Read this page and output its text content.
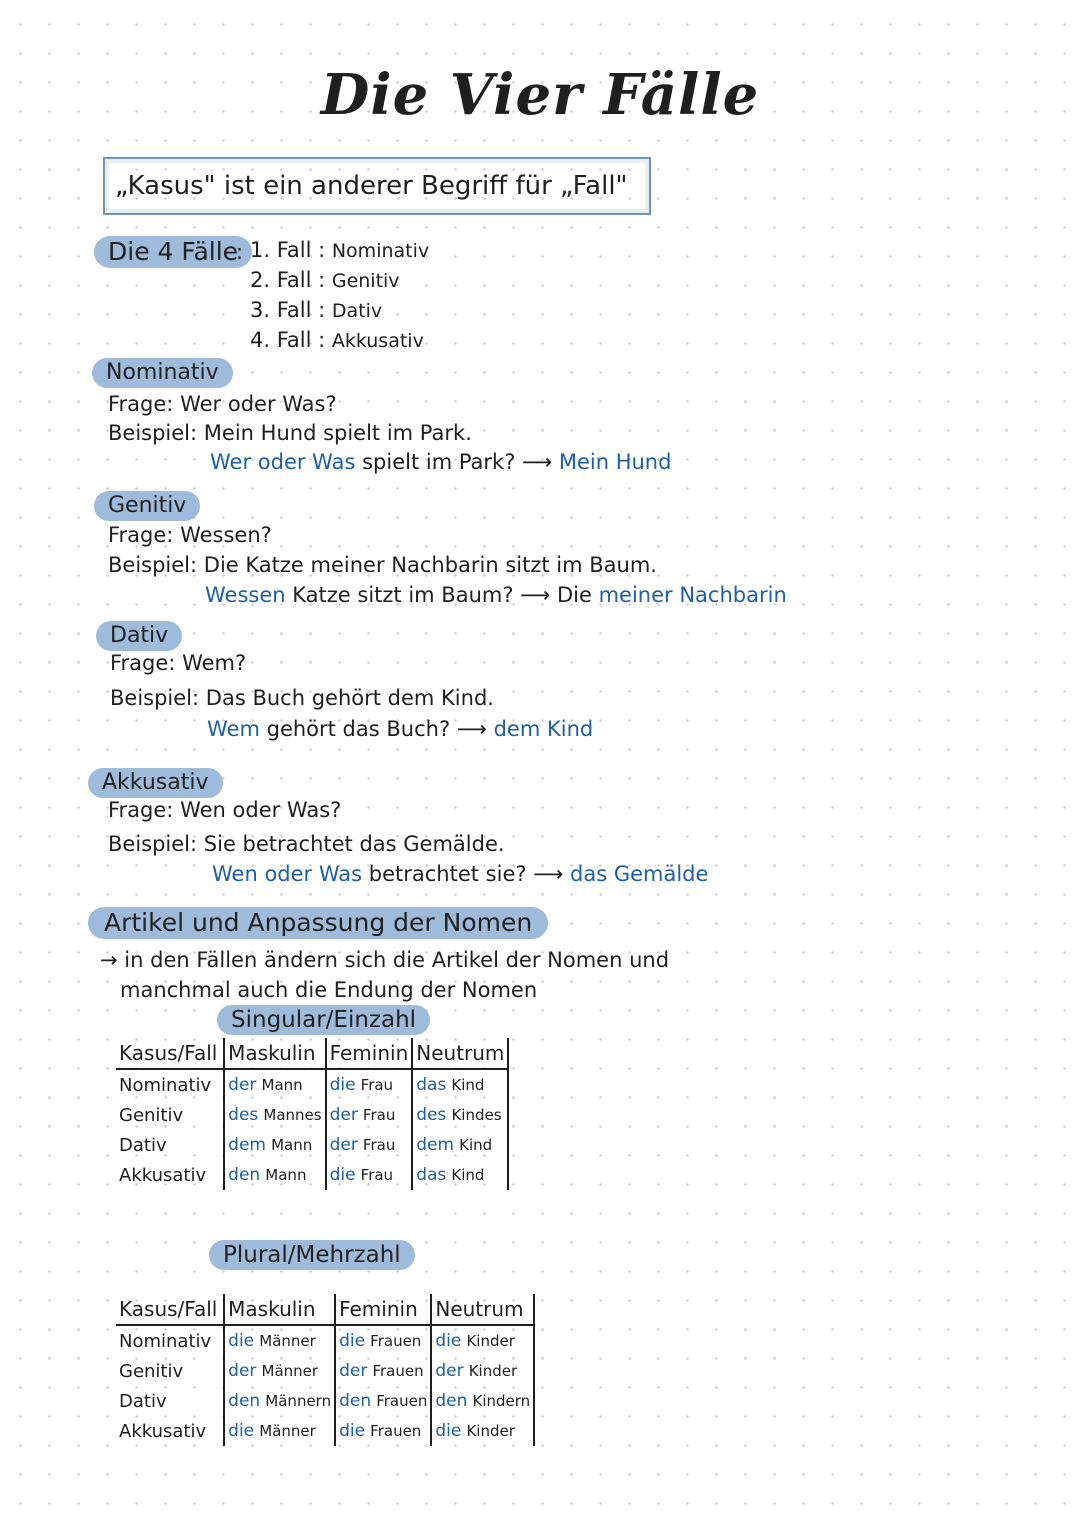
Die Vier Fälle
„Kasus" ist ein anderer Begriff für „Fall"
Die 4 Fälle
: 1. Fall : Nominativ
2. Fall : Genitiv
3. Fall : Dativ
4. Fall : Akkusativ
Nominativ
Frage: Wer oder Was?
Beispiel: Mein Hund spielt im Park.
Wer oder Was spielt im Park? ⟶ Mein Hund
Genitiv
Frage: Wessen?
Beispiel: Die Katze meiner Nachbarin sitzt im Baum.
Wessen Katze sitzt im Baum? ⟶ Die meiner Nachbarin
Dativ
Frage: Wem?
Beispiel: Das Buch gehört dem Kind.
Wem gehört das Buch? ⟶ dem Kind
Akkusativ
Frage: Wen oder Was?
Beispiel: Sie betrachtet das Gemälde.
Wen oder Was betrachtet sie? ⟶ das Gemälde
Artikel und Anpassung der Nomen
→ in den Fällen ändern sich die Artikel der Nomen und
manchmal auch die Endung der Nomen
Singular/Einzahl
Kasus/Fall	Maskulin	Feminin	Neutrum
Nominativ	der Mann	die Frau	das Kind
Genitiv	des Mannes	der Frau	des Kindes
Dativ	dem Mann	der Frau	dem Kind
Akkusativ	den Mann	die Frau	das Kind
Plural/Mehrzahl
Kasus/Fall	Maskulin	Feminin	Neutrum
Nominativ	die Männer	die Frauen	die Kinder
Genitiv	der Männer	der Frauen	der Kinder
Dativ	den Männern	den Frauen	den Kindern
Akkusativ	die Männer	die Frauen	die Kinder
